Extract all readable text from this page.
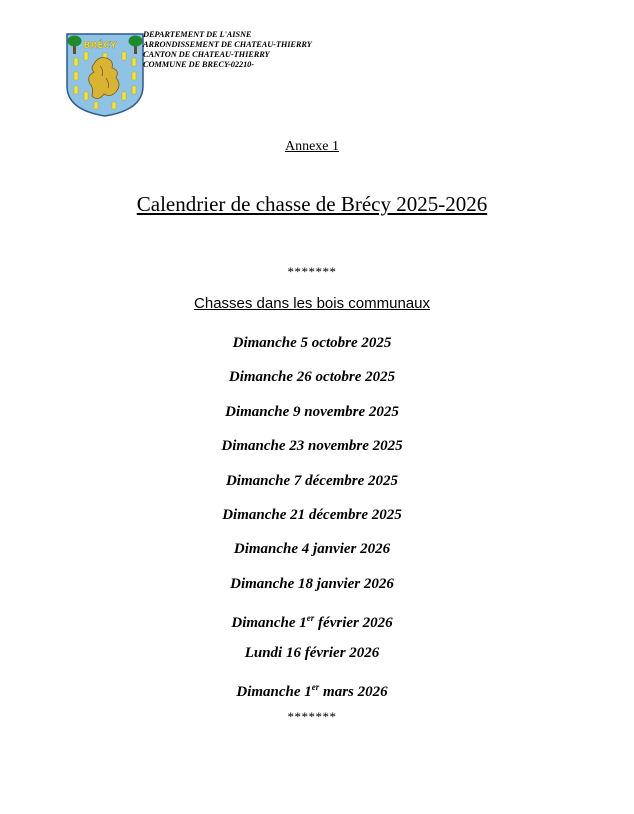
BRÉCY
DEPARTEMENT DE L'AISNE
ARRONDISSEMENT DE CHATEAU-THIERRY
CANTON DE CHATEAU-THIERRY
COMMUNE DE BRECY-02210-
Annexe 1
Calendrier de chasse de Brécy 2025-2026
*******
Chasses dans les bois communaux
Dimanche 5 octobre 2025
Dimanche 26 octobre 2025
Dimanche 9 novembre 2025
Dimanche 23 novembre 2025
Dimanche 7 décembre 2025
Dimanche 21 décembre 2025
Dimanche 4 janvier 2026
Dimanche 18 janvier 2026
Dimanche 1er février 2026
Lundi 16 février 2026
Dimanche 1er mars 2026
*******
